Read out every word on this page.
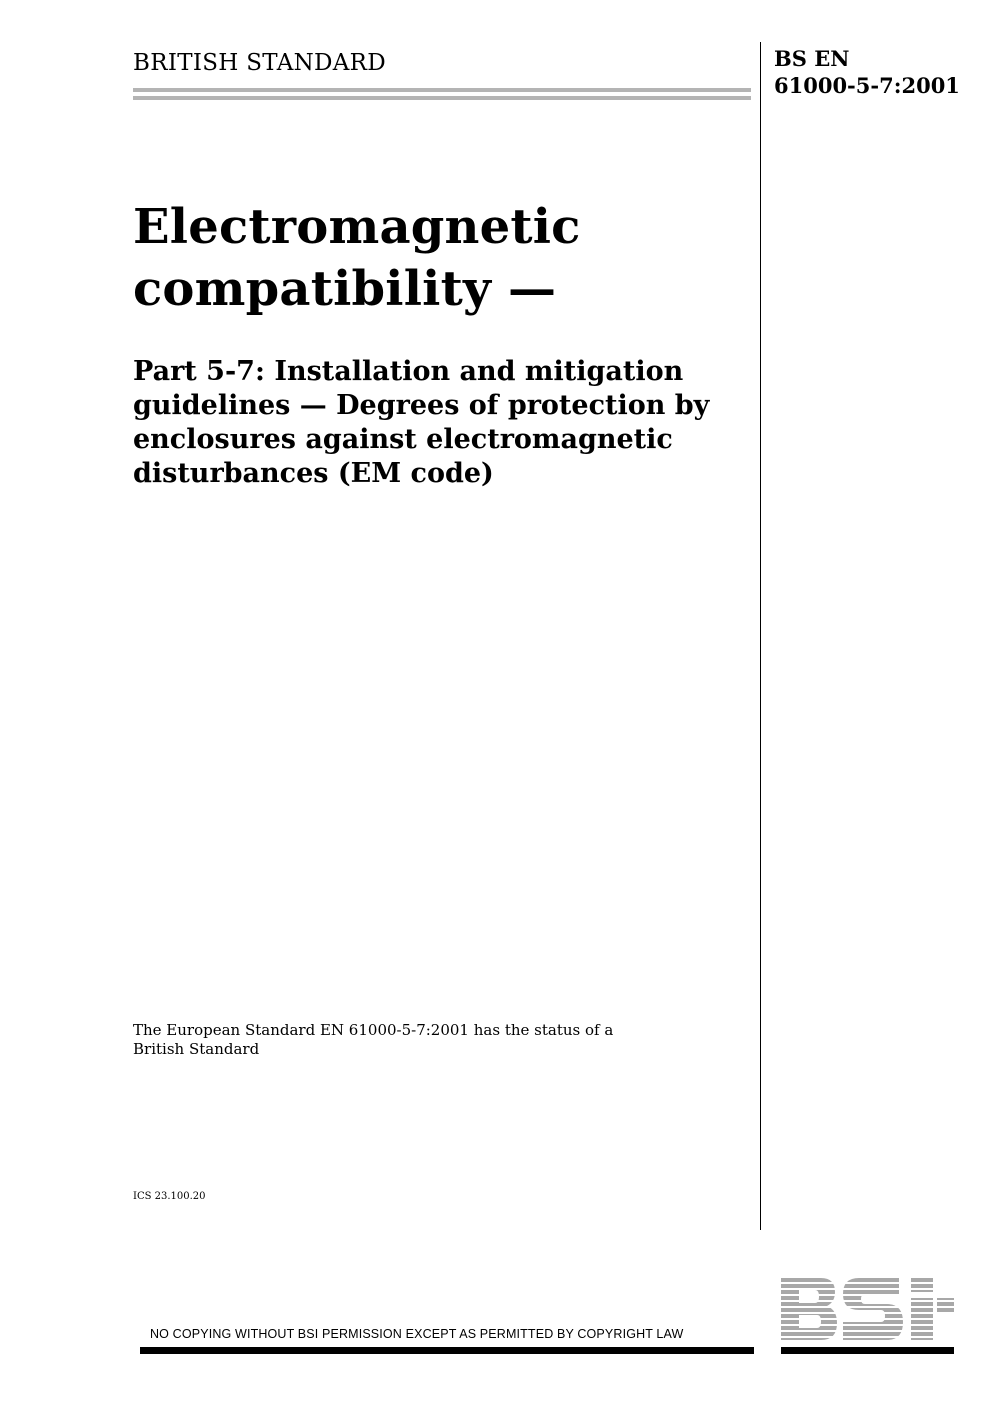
BRITISH STANDARD	BS EN
61000-5-7:2001
Electromagnetic
compatibility —
Part 5-7: Installation and mitigation
guidelines — Degrees of protection by
enclosures against electromagnetic
disturbances (EM code)
The European Standard EN 61000-5-7:2001 has the status of a
British Standard
ICS 23.100.20
NO COPYING WITHOUT BSI PERMISSION EXCEPT AS PERMITTED BY COPYRIGHT LAW
